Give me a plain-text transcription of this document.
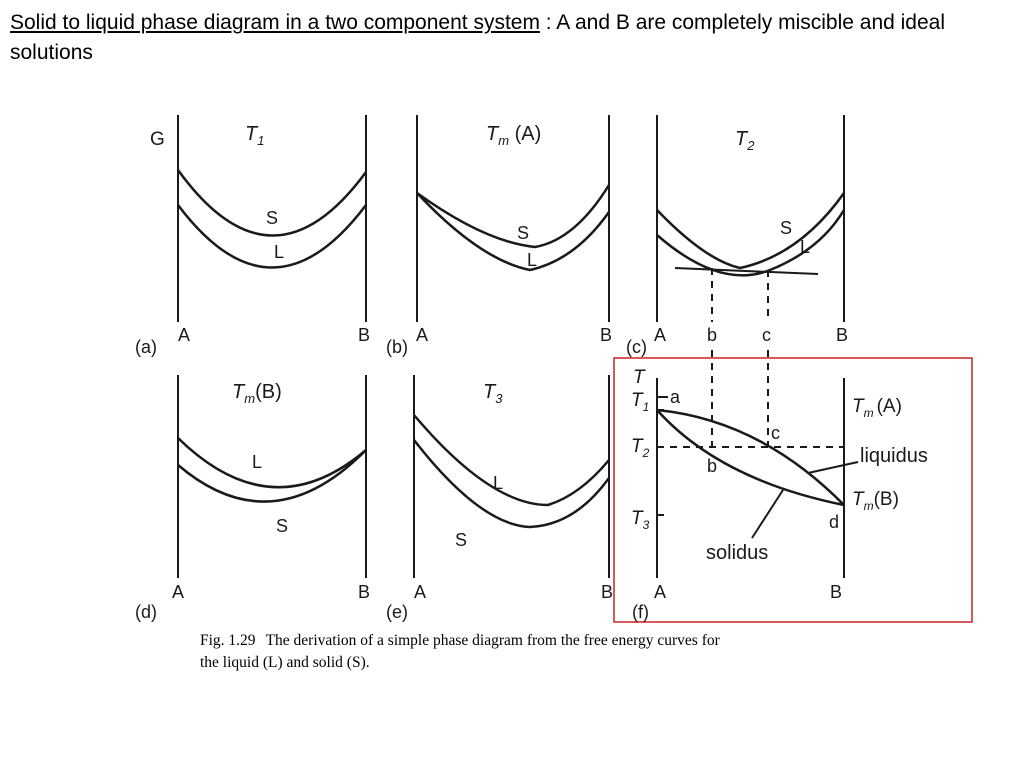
Solid to liquid phase diagram in a two component system : A and B are completely miscible and ideal solutions
G	$T_1$
S
L
A	B
(a)
$T_m$ (A)
S
L
A	B
(b)
$T_2$
S
L
A b c	B
(c)
$T_m(B)$
L
S
A	B
(d)
$T_3$
L
S
A	B
(e)
T
$T_1$
$T_2$
$T_3$
a
b
c
d
$T_m$ (A)
$T_m(B)$
liquidus
solidus
A	B
(f)
Fig. 1.29 The derivation of a simple phase diagram from the free energy curves for
the liquid (L) and solid (S).
